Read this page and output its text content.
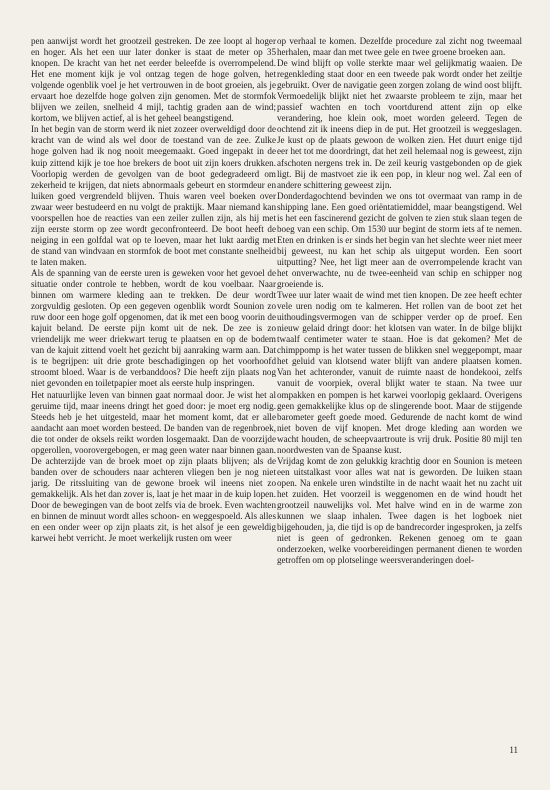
pen aanwijst wordt het grootzeil gestreken. De zee loopt al hoger en hoger. Als het een uur later donker is staat de meter op 35 knopen. De kracht van het net eerder beleefde is overrompelend. Het ene moment kijk je vol ontzag tegen de hoge golven, het volgende ogenblik voel je het vertrouwen in de boot groeien, als je ervaart hoe dezelfde hoge golven zijn genomen. Met de stormfok blijven we zeilen, snelheid 4 mijl, tachtig graden aan de wind; kortom, we blijven actief, al is het geheel beangstigend.

In het begin van de storm werd ik niet zozeer overweldigd door de kracht van de wind als wel door de toestand van de zee. Zulke hoge golven had ik nog nooit meegemaakt. Goed ingepakt in de kuip zittend kijk je toe hoe brekers de boot uit zijn koers drukken. Voorlopig werden de gevolgen van de boot gedegradeerd om zekerheid te krijgen, dat niets abnormaals gebeurt en stormdeur en luiken goed vergrendeld blijven. Thuis waren veel boeken over zwaar weer bestudeerd en nu volgt de praktijk. Maar niemand kan voorspellen hoe de reacties van een zeiler zullen zijn, als hij met zijn eerste storm op zee wordt geconfronteerd. De boot heeft de neiging in een golfdal wat op te loeven, maar het lukt aardig met de stand van windvaan en stormfok de boot met constante snelheid te laten maken.

Als de spanning van de eerste uren is geweken voor het gevoel de situatie onder controle te hebben, wordt de kou voelbaar. Naar binnen om warmere kleding aan te trekken. De deur wordt zorgvuldig gesloten. Op een gegeven ogenblik wordt Sounion zo ruw door een hoge golf opgenomen, dat ik met een boog voorin de kajuit beland. De eerste pijn komt uit de nek. De zee is zo vriendelijk me weer driekwart terug te plaatsen en op de bodem van de kajuit zittend voelt het gezicht bij aanraking warm aan. Dat is te begrijpen: uit drie grote beschadigingen op het voorhoofd stroomt bloed. Waar is de verbanddoos? Die heeft zijn plaats nog niet gevonden en toiletpapier moet als eerste hulp inspringen.

Het natuurlijke leven van binnen gaat normaal door. Je wist het al geruime tijd, maar ineens dringt het goed door: je moet erg nodig. Steeds heb je het uitgesteld, maar het moment komt, dat er alle aandacht aan moet worden besteed. De banden van de regenbroek, die tot onder de oksels reikt worden losgemaakt. Dan de voorzijde opgerollen, voorovergebogen, er mag geen water naar binnen gaan. De achterzijde van de broek moet op zijn plaats blijven; als de banden over de schouders naar achteren vliegen ben je nog niet jarig. De ritssluiting van de gewone broek wil ineens niet zo gemakkelijk. Als het dan zover is, laat je het maar in de kuip lopen. Door de bewegingen van de boot zelfs via de broek. Even wachten en binnen de minuut wordt alles schoon- en weggespoeld. Als alles en een onder weer op zijn plaats zit, is het alsof je een geweldig karwei hebt verricht. Je moet werkelijk rusten om weer

op verhaal te komen. Dezelfde procedure zal zicht nog tweemaal herhalen, maar dan met twee gele en twee groene broeken aan.

De wind blijft op volle sterkte maar wel gelijkmatig waaien. De regenkleding staat door en een tweede pak wordt onder het zeiltje gebruikt. Over de navigatie geen zorgen zolang de wind oost blijft. Vermoedelijk blijkt niet het zwaarste probleem te zijn, maar het passief wachten en toch voortdurend attent zijn op elke verandering, hoe klein ook, moet worden geleerd. Tegen de ochtend zit ik ineens diep in de put. Het grootzeil is weggeslagen. Je kust op de plaats gewoon de wolken zien. Het duurt enige tijd eer het tot me doordringt, dat het zeil helemaal nog is geweest, zijn afschoten nergens trek in. De zeil keurig vastgebonden op de giek ligt. Bij de mastvoet zie ik een pop, in kleur nog wel. Zal een of andere schittering geweest zijn.

Donderdagochtend bevinden we ons tot overmaat van ramp in de shipping lane. Een goed oriëntatiemiddel, maar beangstigend. Wel is het een fascinerend gezicht de golven te zien stuk slaan tegen de boeg van een schip. Om 1530 uur begint de storm iets af te nemen. Eten en drinken is er sinds het begin van het slechte weer niet meer bij geweest, nu kan het schip als uitgeput worden. Een soort uitputting? Nee, het ligt meer aan de overrompelende kracht van het onverwachte, nu de twee-eenheid van schip en schipper nog groeiende is.

Twee uur later waait de wind met tien knopen. De zee heeft echter vele uren nodig om te kalmeren. Het rollen van de boot zet het uithoudingsvermogen van de schipper verder op de proef. Een nieuw gelaid dringt door: het klotsen van water. In de bilge blijkt twaalf centimeter water te staan. Hoe is dat gekomen? Met de chimppomp is het water tussen de blikken snel weggepompt, maar het geluid van klotsend water blijft van andere plaatsen komen. Van het achteronder, vanuit de ruimte naast de hondekooi, zelfs vanuit de voorpiek, overal blijkt water te staan. Na twee uur ompakken en pompen is het karwei voorlopig geklaard. Overigens geen gemakkelijke klus op de slingerende boot. Maar de stijgende barometer geeft goede moed. Gedurende de nacht komt de wind niet boven de vijf knopen. Met droge kleding aan worden we wacht houden, de scheepvaartroute is vrij druk. Positie 80 mijl ten noordwesten van de Spaanse kust.

Vrijdag komt de zon gelukkig krachtig door en Sounion is meteen een uitstalkast voor alles wat nat is geworden. De luiken staan open. Na enkele uren windstilte in de nacht waait het nu zacht uit het zuiden. Het voorzeil is weggenomen en de wind houdt het grootzeil nauwelijks vol. Met halve wind en in de warme zon kunnen we slaap inhalen. Twee dagen is het logboek niet bijgehouden, ja, die tijd is op de bandrecorder ingesproken, ja zelfs niet is geen of gedronken. Rekenen genoeg om te gaan onderzoeken, welke voorbereidingen permanent dienen te worden getroffen om op plotselinge weersveranderingen doel-

11
